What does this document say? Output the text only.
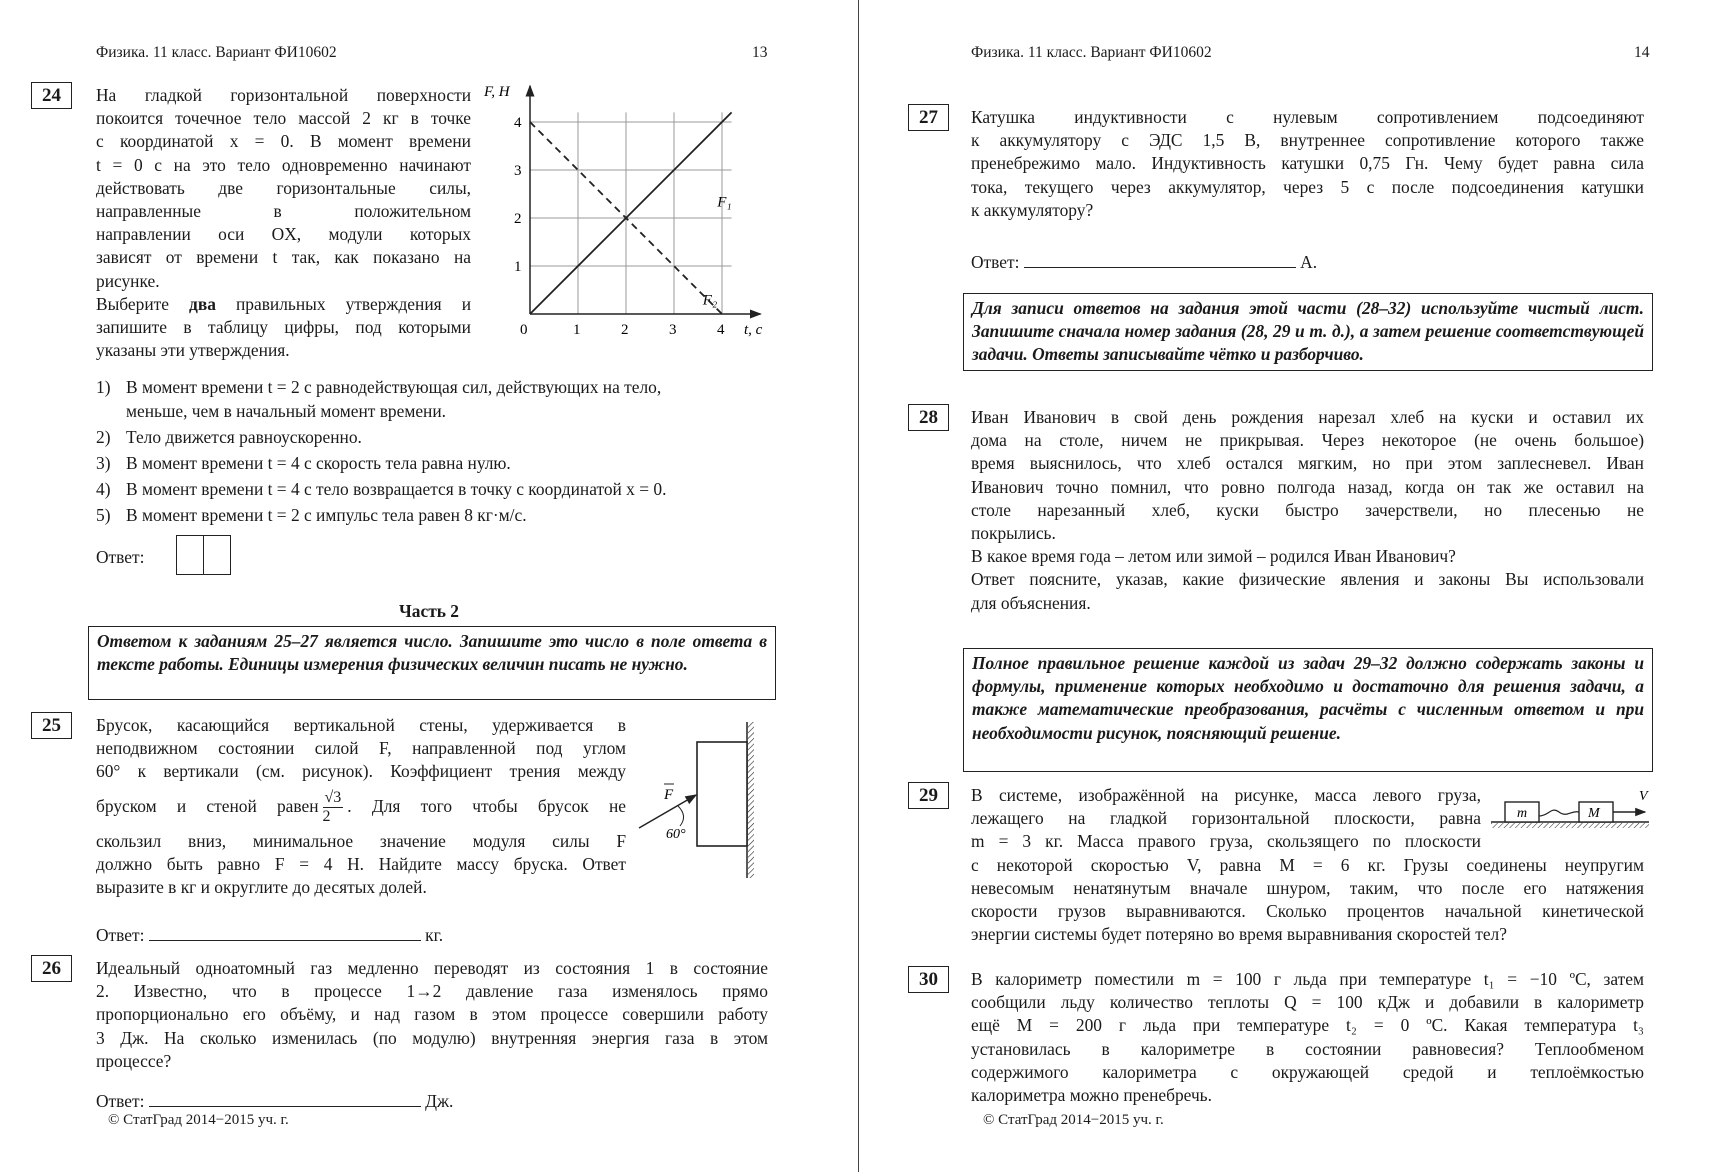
Физика. 11 класс. Вариант ФИ10602	13
24	На гладкой горизонтальной поверхности
покоится точечное тело массой 2 кг в точке
с координатой x = 0. В момент времени
t = 0 с на это тело одновременно начинают
действовать две горизонтальные силы,
направленные в положительном
направлении оси OX, модули которых
зависят от времени t так, как показано на
рисунке.
Выберите два правильных утверждения и
запишите в таблицу цифры, под которыми
указаны эти утверждения.
0	1	2	3	4
1
2
3
4
F, Н
t, c
F₁
F₂
1) В момент времени t = 2 с равнодействующая сил, действующих на тело,
меньше, чем в начальный момент времени.
2) Тело движется равноускоренно.
3) В момент времени t = 4 с скорость тела равна нулю.
4) В момент времени t = 4 с тело возвращается в точку с координатой x = 0.
5) В момент времени t = 2 с импульс тела равен 8 кг·м/с.
Ответ:
Часть 2
Ответом к заданиям 25–27 является число. Запишите это число в поле ответа в тексте работы. Единицы измерения физических величин писать не нужно.
25	Брусок, касающийся вертикальной стены, удерживается в
неподвижном состоянии силой F, направленной под углом
60° к вертикали (см. рисунок). Коэффициент трения между
бруском и стеной равен $\frac{√3}{2}$ . Для того чтобы брусок не
скользил вниз, минимальное значение модуля силы F
должно быть равно F = 4 Н. Найдите массу бруска. Ответ
выразите в кг и округлите до десятых долей.
F
60°
Ответ:	кг.
26	Идеальный одноатомный газ медленно переводят из состояния 1 в состояние
2. Известно, что в процессе 1→2 давление газа изменялось прямо
пропорционально его объёму, и над газом в этом процессе совершили работу
3 Дж. На сколько изменилась (по модулю) внутренняя энергия газа в этом
процессе?
Ответ:	Дж.
© СтатГрад 2014−2015 уч. г.
Физика. 11 класс. Вариант ФИ10602	14
27	Катушка индуктивности с нулевым сопротивлением подсоединяют
к аккумулятору с ЭДС 1,5 В, внутреннее сопротивление которого также
пренебрежимо мало. Индуктивность катушки 0,75 Гн. Чему будет равна сила
тока, текущего через аккумулятор, через 5 с после подсоединения катушки
к аккумулятору?
Ответ:	А.
Для записи ответов на задания этой части (28–32) используйте чистый лист. Запишите сначала номер задания (28, 29 и т. д.), а затем решение соответствующей задачи. Ответы записывайте чётко и разборчиво.
28	Иван Иванович в свой день рождения нарезал хлеб на куски и оставил их
дома на столе, ничем не прикрывая. Через некоторое (не очень большое)
время выяснилось, что хлеб остался мягким, но при этом заплесневел. Иван
Иванович точно помнил, что ровно полгода назад, когда он так же оставил на
столе нарезанный хлеб, куски быстро зачерствели, но плесенью не
покрылись.
В какое время года – летом или зимой – родился Иван Иванович?
Ответ поясните, указав, какие физические явления и законы Вы использовали
для объяснения.
Полное правильное решение каждой из задач 29–32 должно содержать законы и формулы, применение которых необходимо и достаточно для решения задачи, а также математические преобразования, расчёты с численным ответом и при необходимости рисунок, поясняющий решение.
29	В системе, изображённой на рисунке, масса левого груза,
лежащего на гладкой горизонтальной плоскости, равна
m = 3 кг. Масса правого груза, скользящего по плоскости
с некоторой скоростью V, равна M = 6 кг. Грузы соединены неупругим
невесомым ненатянутым вначале шнуром, таким, что после его натяжения
скорости грузов выравниваются. Сколько процентов начальной кинетической
энергии системы будет потеряно во время выравнивания скоростей тел?
m	M
V
30	В калориметр поместили m = 100 г льда при температуре t₁ = −10 ºС, затем
сообщили льду количество теплоты Q = 100 кДж и добавили в калориметр
ещё M = 200 г льда при температуре t₂ = 0 ºС. Какая температура t₃
установилась в калориметре в состоянии равновесия? Теплообменом
содержимого калориметра с окружающей средой и теплоёмкостью
калориметра можно пренебречь.
© СтатГрад 2014−2015 уч. г.
